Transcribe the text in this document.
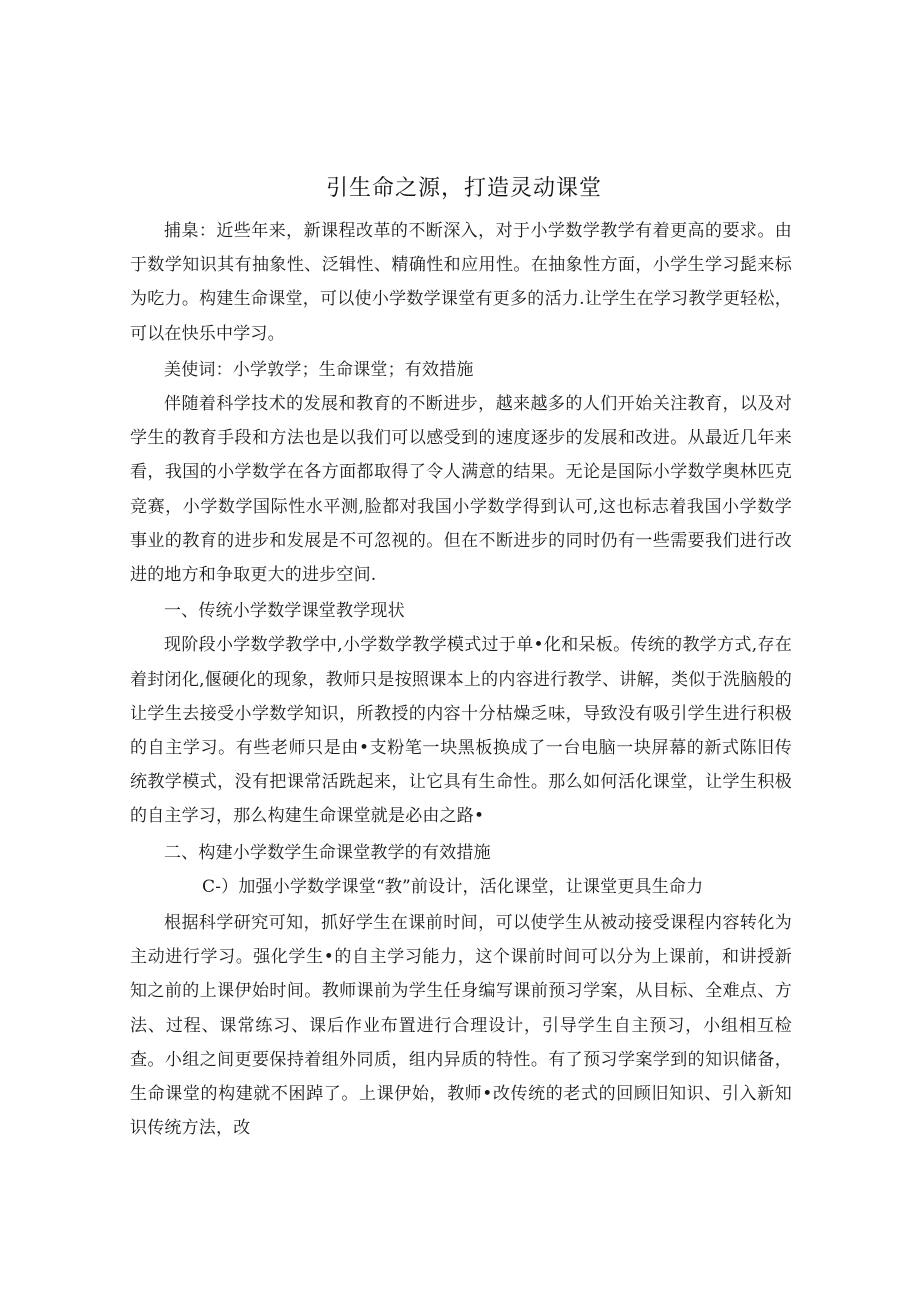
引生命之源，打造灵动课堂

捕臬：近些年来，新课程改革的不断深入，对于小学数学教学有着更高的要求。由于数学知识其有抽象性、泛辑性、精确性和应用性。在抽象性方面，小学生学习髭来标为吃力。构建生命课堂，可以使小学数学课堂有更多的活力.让学生在学习教学更轻松，可以在快乐中学习。

美使词：小学敦学；生命课堂；有效措施

伴随着科学技术的发展和教育的不断进步，越来越多的人们开始关注教育，以及对学生的教育手段和方法也是以我们可以感受到的速度逐步的发展和改进。从最近几年来看，我国的小学数学在各方面都取得了令人满意的结果。无论是国际小学数学奥林匹克竞赛，小学数学国际性水平测,脸都对我国小学数学得到认可,这也标志着我国小学数学事业的教育的进步和发展是不可忽视的。但在不断进步的同时仍有一些需要我们进行改进的地方和争取更大的进步空间.

一、传统小学数学课堂教学现状

现阶段小学数学教学中,小学数学教学模式过于单•化和呆板。传统的教学方式,存在着封闭化,偃硬化的现象，教师只是按照课本上的内容进行教学、讲解，类似于洗脑般的让学生去接受小学数学知识，所教授的内容十分枯燥乏味，导致没有吸引学生进行积极的自主学习。有些老师只是由•支粉笔一块黑板换成了一台电脑一块屏幕的新式陈旧传统教学模式，没有把课常活跣起来，让它具有生命性。那么如何活化课堂，让学生积极的自主学习，那么构建生命课堂就是必由之路•

二、构建小学数学生命课堂教学的有效措施

C-）加强小学数学课堂“教”前设计，活化课堂，让课堂更具生命力

根据科学研究可知，抓好学生在课前时间，可以使学生从被动接受课程内容转化为主动进行学习。强化学生•的自主学习能力，这个课前时间可以分为上课前，和讲授新知之前的上课伊始时间。教师课前为学生任身编写课前预习学案，从目标、全难点、方法、过程、课常练习、课后作业布置进行合理设计，引导学生自主预习，小组相互检查。小组之间更要保持着组外同质，组内异质的特性。有了预习学案学到的知识储备，生命课堂的构建就不困踔了。上课伊始，教师•改传统的老式的回顾旧知识、引入新知识传统方法，改
